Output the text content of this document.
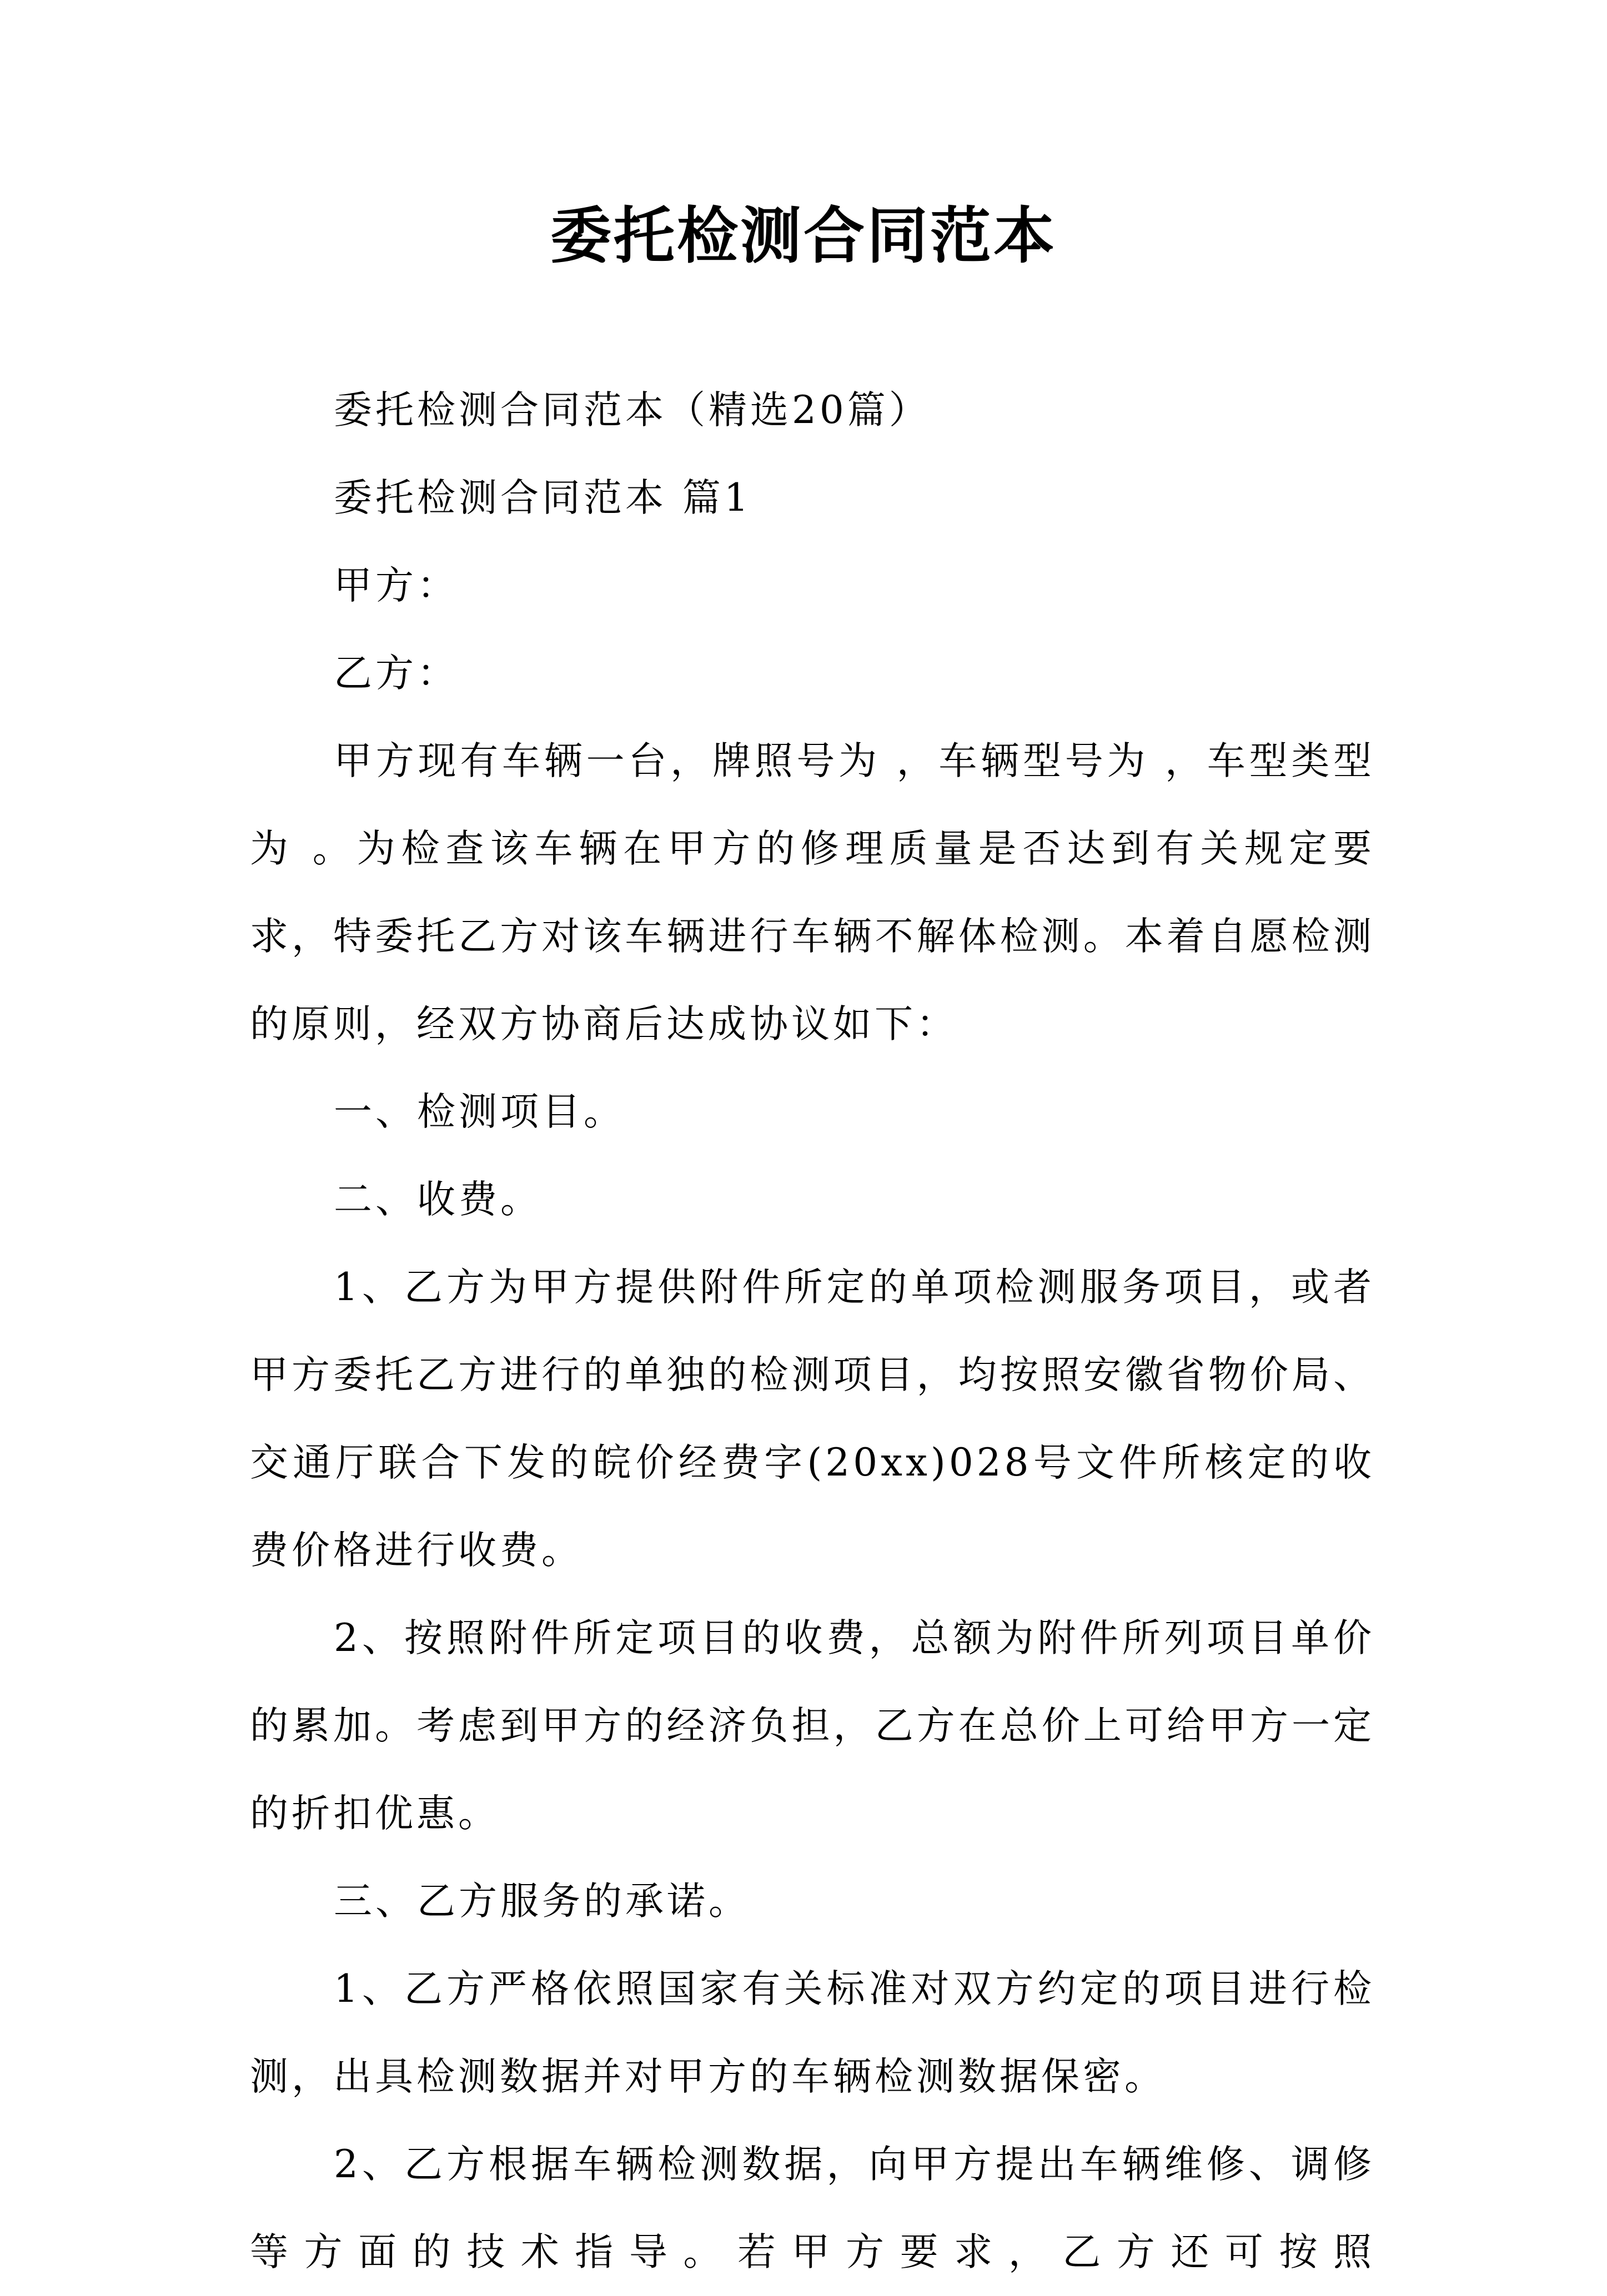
委托检测合同范本

委托检测合同范本（精选20篇）

委托检测合同范本 篇1

甲方：

乙方：

甲方现有车辆一台，牌照号为 ，车辆型号为 ，车型类型为 。为检查该车辆在甲方的修理质量是否达到有关规定要求，特委托乙方对该车辆进行车辆不解体检测。本着自愿检测的原则，经双方协商后达成协议如下：

一、检测项目。

二、收费。

1、乙方为甲方提供附件所定的单项检测服务项目，或者甲方委托乙方进行的单独的检测项目，均按照安徽省物价局、交通厅联合下发的皖价经费字(20xx)028号文件所核定的收费价格进行收费。

2、按照附件所定项目的收费，总额为附件所列项目单价的累加。考虑到甲方的经济负担，乙方在总价上可给甲方一定的折扣优惠。

三、乙方服务的承诺。

1、乙方严格依照国家有关标准对双方约定的项目进行检测，出具检测数据并对甲方的车辆检测数据保密。

2、乙方根据车辆检测数据，向甲方提出车辆维修、调修等方面的技术指导。若甲方要求，乙方还可按照
